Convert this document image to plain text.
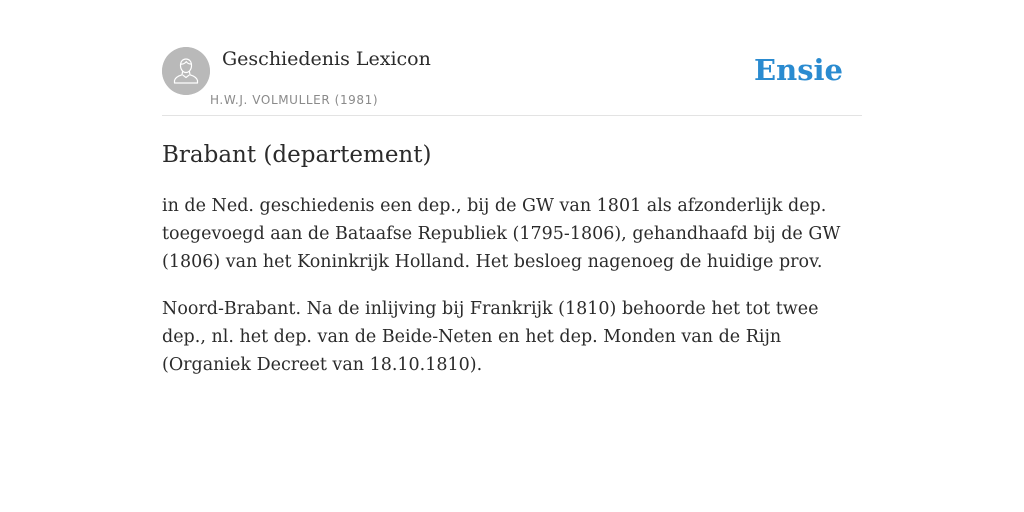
Geschiedenis Lexicon
H.W.J. VOLMULLER (1981)
Ensie
Brabant (departement)

in de Ned. geschiedenis een dep., bij de GW van 1801 als afzonderlijk dep. toegevoegd aan de Bataafse Republiek (1795-1806), gehandhaafd bij de GW (1806) van het Koninkrijk Holland. Het besloeg nagenoeg de huidige prov.

Noord-Brabant. Na de inlijving bij Frankrijk (1810) behoorde het tot twee dep., nl. het dep. van de Beide-Neten en het dep. Monden van de Rijn (Organiek Decreet van 18.10.1810).
